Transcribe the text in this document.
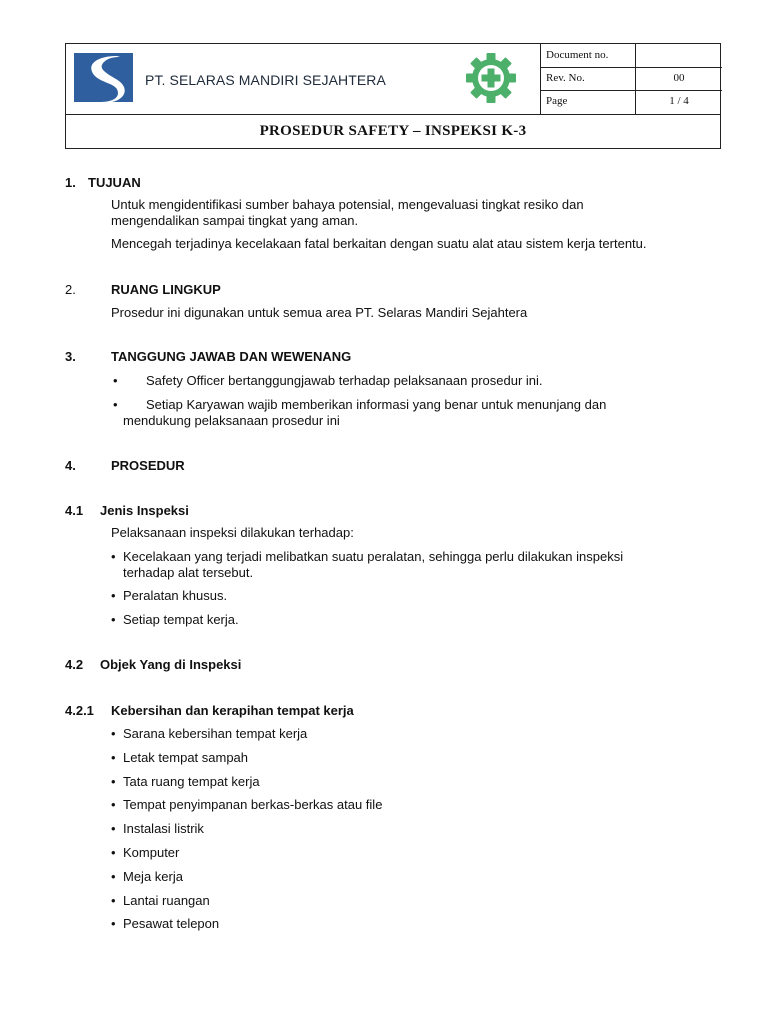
PT. SELARAS MANDIRI SEJAHTERA
Document no.
Rev. No.	00
Page	1 / 4
PROSEDUR SAFETY – INSPEKSI K-3
1. TUJUAN
Untuk mengidentifikasi sumber bahaya potensial, mengevaluasi tingkat resiko dan
mengendalikan sampai tingkat yang aman.
Mencegah terjadinya kecelakaan fatal berkaitan dengan suatu alat atau sistem kerja tertentu.
2.	RUANG LINGKUP
Prosedur ini digunakan untuk semua area PT. Selaras Mandiri Sejahtera
3.	TANGGUNG JAWAB DAN WEWENANG
• Safety Officer bertanggungjawab terhadap pelaksanaan prosedur ini.
• Setiap Karyawan wajib memberikan informasi yang benar untuk menunjang dan
mendukung pelaksanaan prosedur ini
4.	PROSEDUR
4.1 Jenis Inspeksi
Pelaksanaan inspeksi dilakukan terhadap:
• Kecelakaan yang terjadi melibatkan suatu peralatan, sehingga perlu dilakukan inspeksi
terhadap alat tersebut.
• Peralatan khusus.
• Setiap tempat kerja.
4.2 Objek Yang di Inspeksi
4.2.1 Kebersihan dan kerapihan tempat kerja
• Sarana kebersihan tempat kerja
• Letak tempat sampah
• Tata ruang tempat kerja
• Tempat penyimpanan berkas-berkas atau file
• Instalasi listrik
• Komputer
• Meja kerja
• Lantai ruangan
• Pesawat telepon
